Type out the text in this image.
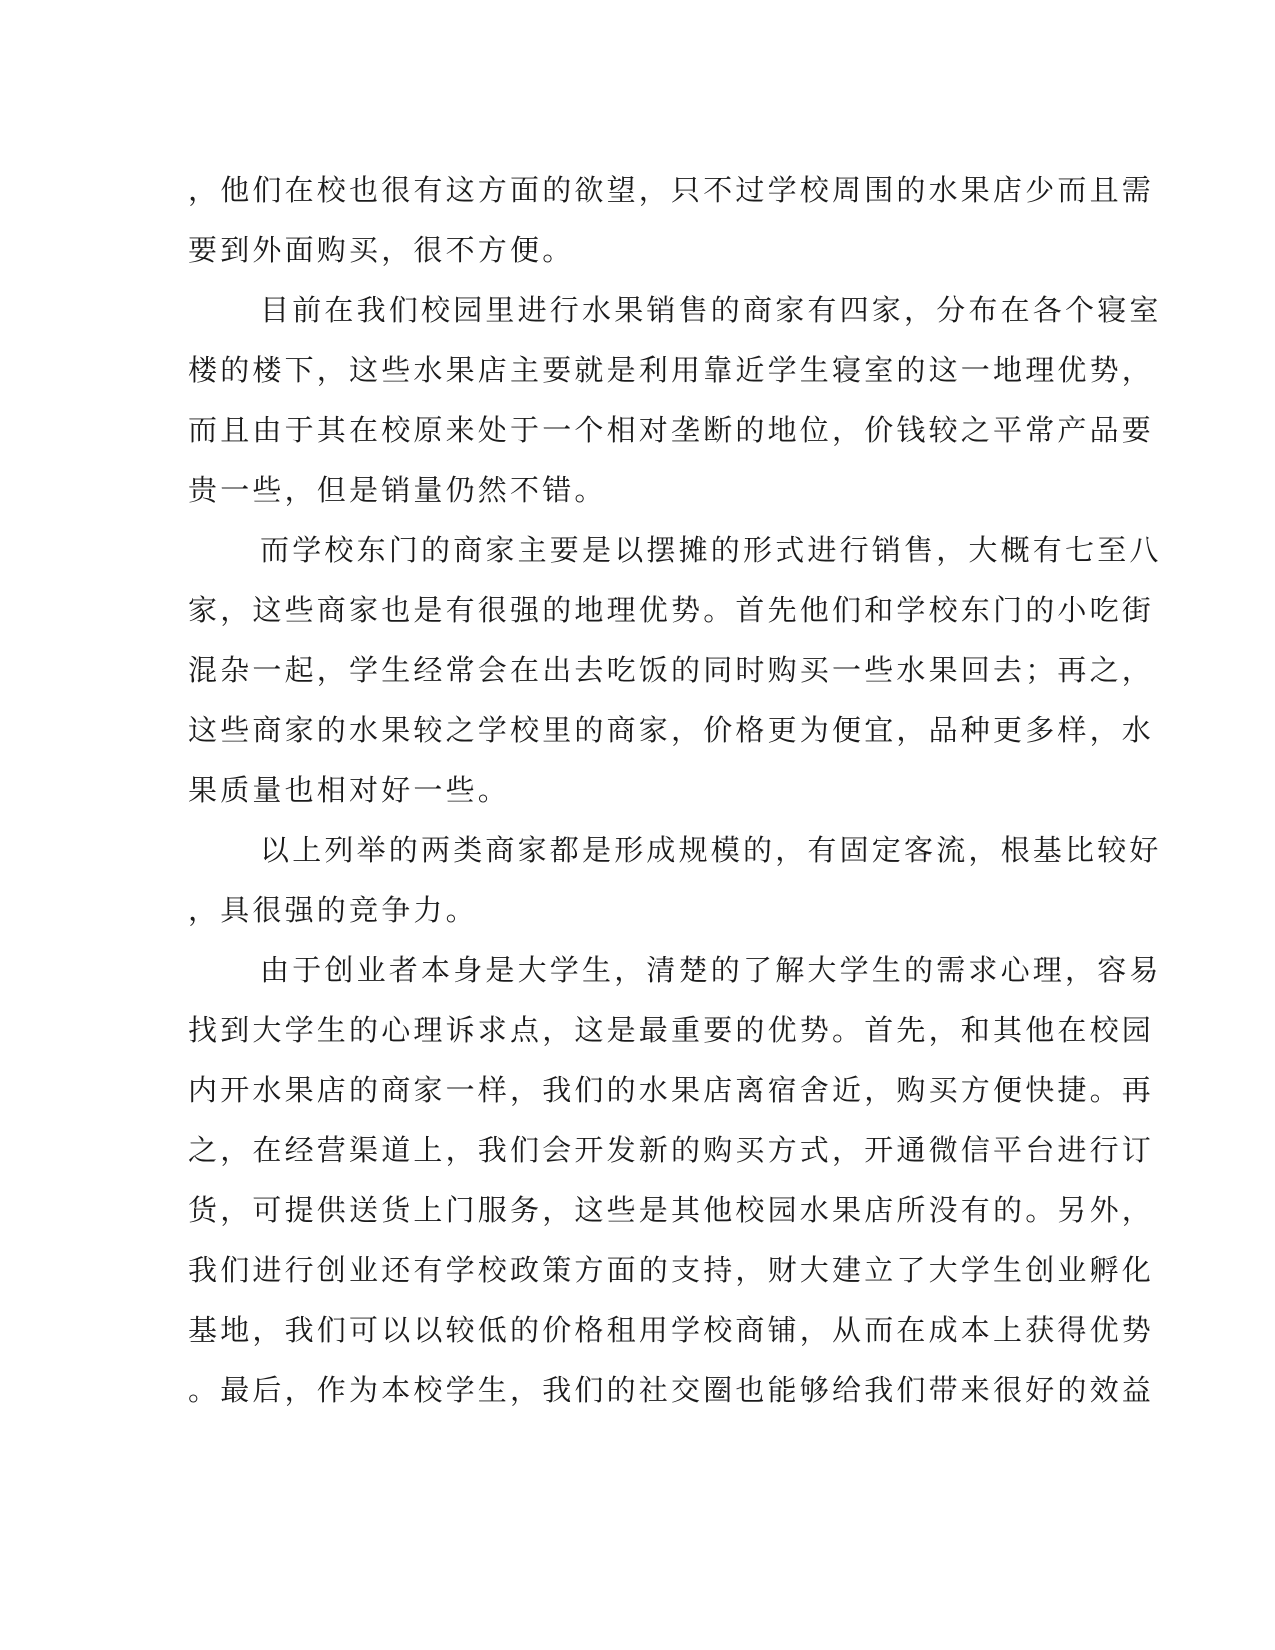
，他们在校也很有这方面的欲望，只不过学校周围的水果店少而且需
要到外面购买，很不方便。
目前在我们校园里进行水果销售的商家有四家，分布在各个寝室
楼的楼下，这些水果店主要就是利用靠近学生寝室的这一地理优势，
而且由于其在校原来处于一个相对垄断的地位，价钱较之平常产品要
贵一些，但是销量仍然不错。
而学校东门的商家主要是以摆摊的形式进行销售，大概有七至八
家，这些商家也是有很强的地理优势。首先他们和学校东门的小吃街
混杂一起，学生经常会在出去吃饭的同时购买一些水果回去；再之，
这些商家的水果较之学校里的商家，价格更为便宜，品种更多样，水
果质量也相对好一些。
以上列举的两类商家都是形成规模的，有固定客流，根基比较好
，具很强的竞争力。
由于创业者本身是大学生，清楚的了解大学生的需求心理，容易
找到大学生的心理诉求点，这是最重要的优势。首先，和其他在校园
内开水果店的商家一样，我们的水果店离宿舍近，购买方便快捷。再
之，在经营渠道上，我们会开发新的购买方式，开通微信平台进行订
货，可提供送货上门服务，这些是其他校园水果店所没有的。另外，
我们进行创业还有学校政策方面的支持，财大建立了大学生创业孵化
基地，我们可以以较低的价格租用学校商铺，从而在成本上获得优势
。最后，作为本校学生，我们的社交圈也能够给我们带来很好的效益
